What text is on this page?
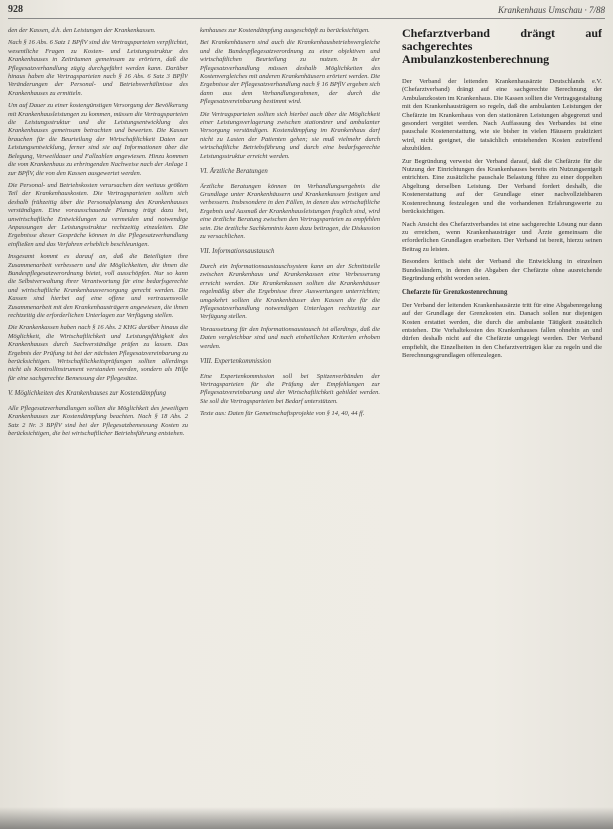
928	Krankenhaus Umschau · 7/88

den der Kassen, d.h. den Leistungen der Krankenkassen.

Nach § 16 Abs. 6 Satz 1 BPflV sind die Vertragsparteien verpflichtet, wesentliche Fragen zu Kosten- und Leistungsstruktur des Krankenhauses in Zeiträumen gemeinsam zu erörtern, daß die Pflegesatzverhandlung zügig durchgeführt werden kann. Darüber hinaus haben die Vertragsparteien nach § 16 Abs. 6 Satz 3 BPflV Veränderungen der Personal- und Betriebsverhältnisse des Krankenhauses zu ermitteln.

Um auf Dauer zu einer kostengünstigen Versorgung der Bevölkerung mit Krankenhausleistungen zu kommen, müssen die Vertragsparteien die Leistungsstruktur und die Leistungsentwicklung des Krankenhauses gemeinsam betrachten und bewerten. Die Kassen brauchen für die Beurteilung der Wirtschaftlichkeit Daten zur Leistungsentwicklung, ferner sind sie auf Informationen über die Belegung, Verweildauer und Fallzahlen angewiesen. Hinzu kommen die vom Krankenhaus zu erbringenden Nachweise nach der Anlage 1 zur BPflV, die von den Kassen ausgewertet werden.

Die Personal- und Betriebskosten verursachen den weitaus größten Teil der Krankenhauskosten. Die Vertragsparteien sollten sich deshalb frühzeitig über die Personalplanung des Krankenhauses verständigen. Eine vorausschauende Planung trägt dazu bei, unwirtschaftliche Entwicklungen zu vermeiden und notwendige Anpassungen der Leistungsstruktur rechtzeitig einzuleiten. Die Ergebnisse dieser Gespräche können in die Pflegesatzverhandlung einfließen und das Verfahren erheblich beschleunigen.

Insgesamt kommt es darauf an, daß die Beteiligten ihre Zusammenarbeit verbessern und die Möglichkeiten, die ihnen die Bundespflegesatzverordnung bietet, voll ausschöpfen. Nur so kann die Selbstverwaltung ihrer Verantwortung für eine bedarfsgerechte und wirtschaftliche Krankenhausversorgung gerecht werden. Die Kassen sind hierbei auf eine offene und vertrauensvolle Zusammenarbeit mit den Krankenhausträgern angewiesen, die ihnen rechtzeitig die erforderlichen Unterlagen zur Verfügung stellen.

Die Krankenkassen haben nach § 16 Abs. 2 KHG darüber hinaus die Möglichkeit, die Wirtschaftlichkeit und Leistungsfähigkeit des Krankenhauses durch Sachverständige prüfen zu lassen. Das Ergebnis der Prüfung ist bei der nächsten Pflegesatzvereinbarung zu berücksichtigen. Wirtschaftlichkeitsprüfungen sollten allerdings nicht als Kontrollinstrument verstanden werden, sondern als Hilfe für eine sachgerechte Bemessung der Pflegesätze.

V. Möglichkeiten des Krankenhauses zur Kostendämpfung

Alle Pflegesatzverhandlungen sollten die Möglichkeit des jeweiligen Krankenhauses zur Kostendämpfung beachten. Nach § 18 Abs. 2 Satz 2 Nr. 3 BPflV sind bei der Pflegesatzbemessung Kosten zu berücksichtigen, die bei wirtschaftlicher Betriebsführung entstehen.

kenhauses zur Kostendämpfung ausgeschöpft zu berücksichtigen.

Bei Krankenhäusern sind auch die Krankenhausbetriebsvergleiche und die Bundespflegesatzverordnung zu einer objektiven und wirtschaftlichen Beurteilung zu nutzen. In der Pflegesatzverhandlung müssen deshalb Möglichkeiten des Kostenvergleiches mit anderen Krankenhäusern erörtert werden. Die Ergebnisse der Pflegesatzverhandlung nach § 16 BPflV ergeben sich dann aus dem Verhandlungsrahmen, der durch die Pflegesatzvereinbarung bestimmt wird.

Die Vertragsparteien sollten sich hierbei auch über die Möglichkeit einer Leistungsverlagerung zwischen stationärer und ambulanter Versorgung verständigen. Kostendämpfung im Krankenhaus darf nicht zu Lasten der Patienten gehen; sie muß vielmehr durch wirtschaftliche Betriebsführung und durch eine bedarfsgerechte Leistungsstruktur erreicht werden.

VI. Ärztliche Beratungen

Ärztliche Beratungen können im Verhandlungsergebnis die Grundlage unter Krankenhäusern und Krankenkassen festigen und verbessern. Insbesondere in den Fällen, in denen das wirtschaftliche Ergebnis und Ausmaß der Krankenhausleistungen fraglich sind, wird eine ärztliche Beratung zwischen den Vertragsparteien zu empfehlen sein. Die ärztliche Sachkenntnis kann dazu beitragen, die Diskussion zu versachlichen.

VII. Informationsaustausch

Durch ein Informationsaustauschsystem kann an der Schnittstelle zwischen Krankenhaus und Krankenkassen eine Verbesserung erreicht werden. Die Krankenkassen sollten die Krankenhäuser regelmäßig über die Ergebnisse ihrer Auswertungen unterrichten; umgekehrt sollten die Krankenhäuser den Kassen die für die Pflegesatzverhandlung notwendigen Unterlagen rechtzeitig zur Verfügung stellen.

Voraussetzung für den Informationsaustausch ist allerdings, daß die Daten vergleichbar sind und nach einheitlichen Kriterien erhoben werden.

VIII. Expertenkommission

Eine Expertenkommission soll bei Spitzenverbänden der Vertragsparteien für die Prüfung der Empfehlungen zur Pflegesatzvereinbarung und der Wirtschaftlichkeit gebildet werden. Sie soll die Vertragsparteien bei Bedarf unterstützen.

Texte aus: Daten für Gemeinschaftsprojekte von § 14, 40, 44 ff.

Chefarztverband drängt auf sachgerechtes Ambulanzkostenberechnung

Der Verband der leitenden Krankenhausärzte Deutschlands e.V. (Chefarztverband) drängt auf eine sachgerechte Berechnung der Ambulanzkosten im Krankenhaus. Die Kassen sollten die Vertragsgestaltung mit den Krankenhausträgern so regeln, daß die ambulanten Leistungen der Chefärzte im Krankenhaus von den stationären Leistungen abgegrenzt und gesondert vergütet werden. Nach Auffassung des Verbandes ist eine pauschale Kostenerstattung, wie sie bisher in vielen Häusern praktiziert wird, nicht geeignet, die tatsächlich entstehenden Kosten zutreffend abzubilden.

Zur Begründung verweist der Verband darauf, daß die Chefärzte für die Nutzung der Einrichtungen des Krankenhauses bereits ein Nutzungsentgelt entrichten. Eine zusätzliche pauschale Belastung führe zu einer doppelten Abgeltung derselben Leistung. Der Verband fordert deshalb, die Kostenerstattung auf der Grundlage einer nachvollziehbaren Kostenrechnung festzulegen und die vorhandenen Erfahrungswerte zu berücksichtigen.

Nach Ansicht des Chefarztverbandes ist eine sachgerechte Lösung nur dann zu erreichen, wenn Krankenhausträger und Ärzte gemeinsam die erforderlichen Grundlagen erarbeiten. Der Verband ist bereit, hierzu seinen Beitrag zu leisten.

Besonders kritisch sieht der Verband die Entwicklung in einzelnen Bundesländern, in denen die Abgaben der Chefärzte ohne ausreichende Begründung erhöht worden seien.

Chefarzte für Grenzkostenrechnung

Der Verband der leitenden Krankenhausärzte tritt für eine Abgabenregelung auf der Grundlage der Grenzkosten ein. Danach sollen nur diejenigen Kosten erstattet werden, die durch die ambulante Tätigkeit zusätzlich entstehen. Die Vorhaltekosten des Krankenhauses fallen ohnehin an und dürfen deshalb nicht auf die Chefärzte umgelegt werden. Der Verband empfiehlt, die Einzelheiten in den Chefarztverträgen klar zu regeln und die Berechnungsgrundlagen offenzulegen.
